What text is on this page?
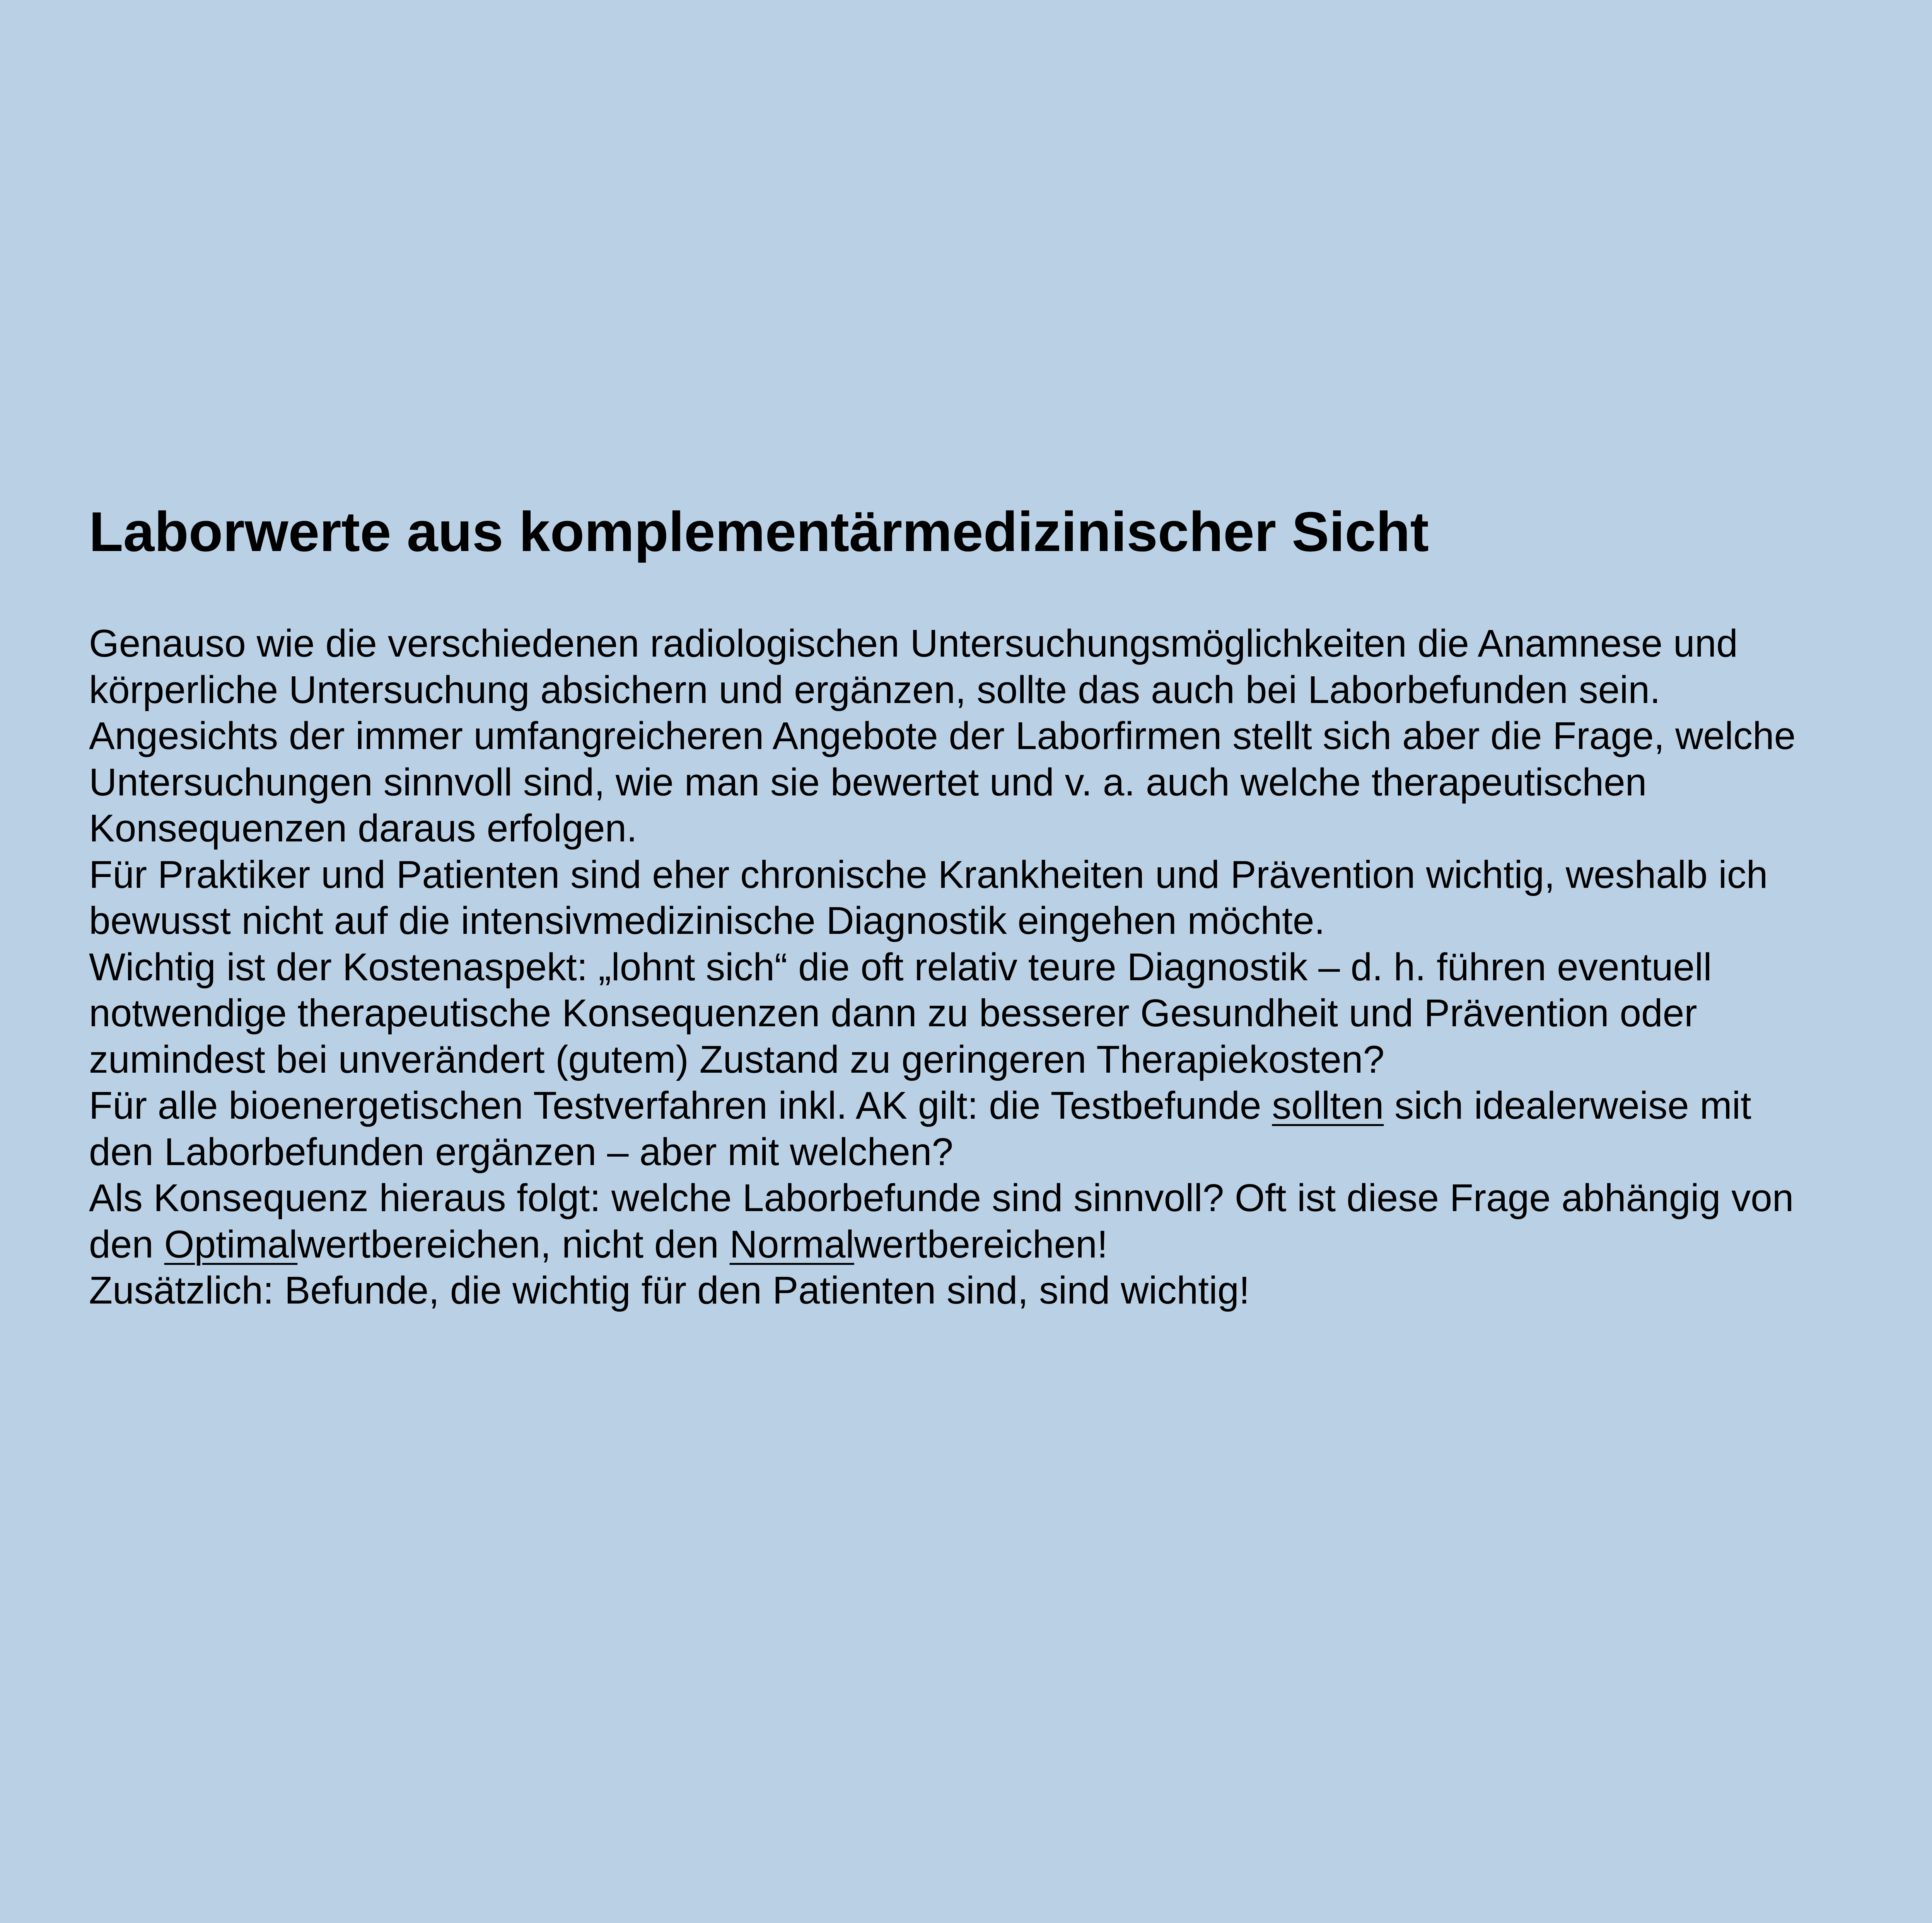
Laborwerte aus komplementärmedizinischer Sicht
Genauso wie die verschiedenen radiologischen Untersuchungsmöglichkeiten die Anamnese und
körperliche Untersuchung absichern und ergänzen, sollte das auch bei Laborbefunden sein.
Angesichts der immer umfangreicheren Angebote der Laborfirmen stellt sich aber die Frage, welche
Untersuchungen sinnvoll sind, wie man sie bewertet und v. a. auch welche therapeutischen
Konsequenzen daraus erfolgen.
Für Praktiker und Patienten sind eher chronische Krankheiten und Prävention wichtig, weshalb ich
bewusst nicht auf die intensivmedizinische Diagnostik eingehen möchte.
Wichtig ist der Kostenaspekt: „lohnt sich“ die oft relativ teure Diagnostik – d. h. führen eventuell
notwendige therapeutische Konsequenzen dann zu besserer Gesundheit und Prävention oder
zumindest bei unverändert (gutem) Zustand zu geringeren Therapiekosten?
Für alle bioenergetischen Testverfahren inkl. AK gilt: die Testbefunde sollten sich idealerweise mit
den Laborbefunden ergänzen – aber mit welchen?
Als Konsequenz hieraus folgt: welche Laborbefunde sind sinnvoll? Oft ist diese Frage abhängig von
den Optimalwertbereichen, nicht den Normalwertbereichen!
Zusätzlich: Befunde, die wichtig für den Patienten sind, sind wichtig!
